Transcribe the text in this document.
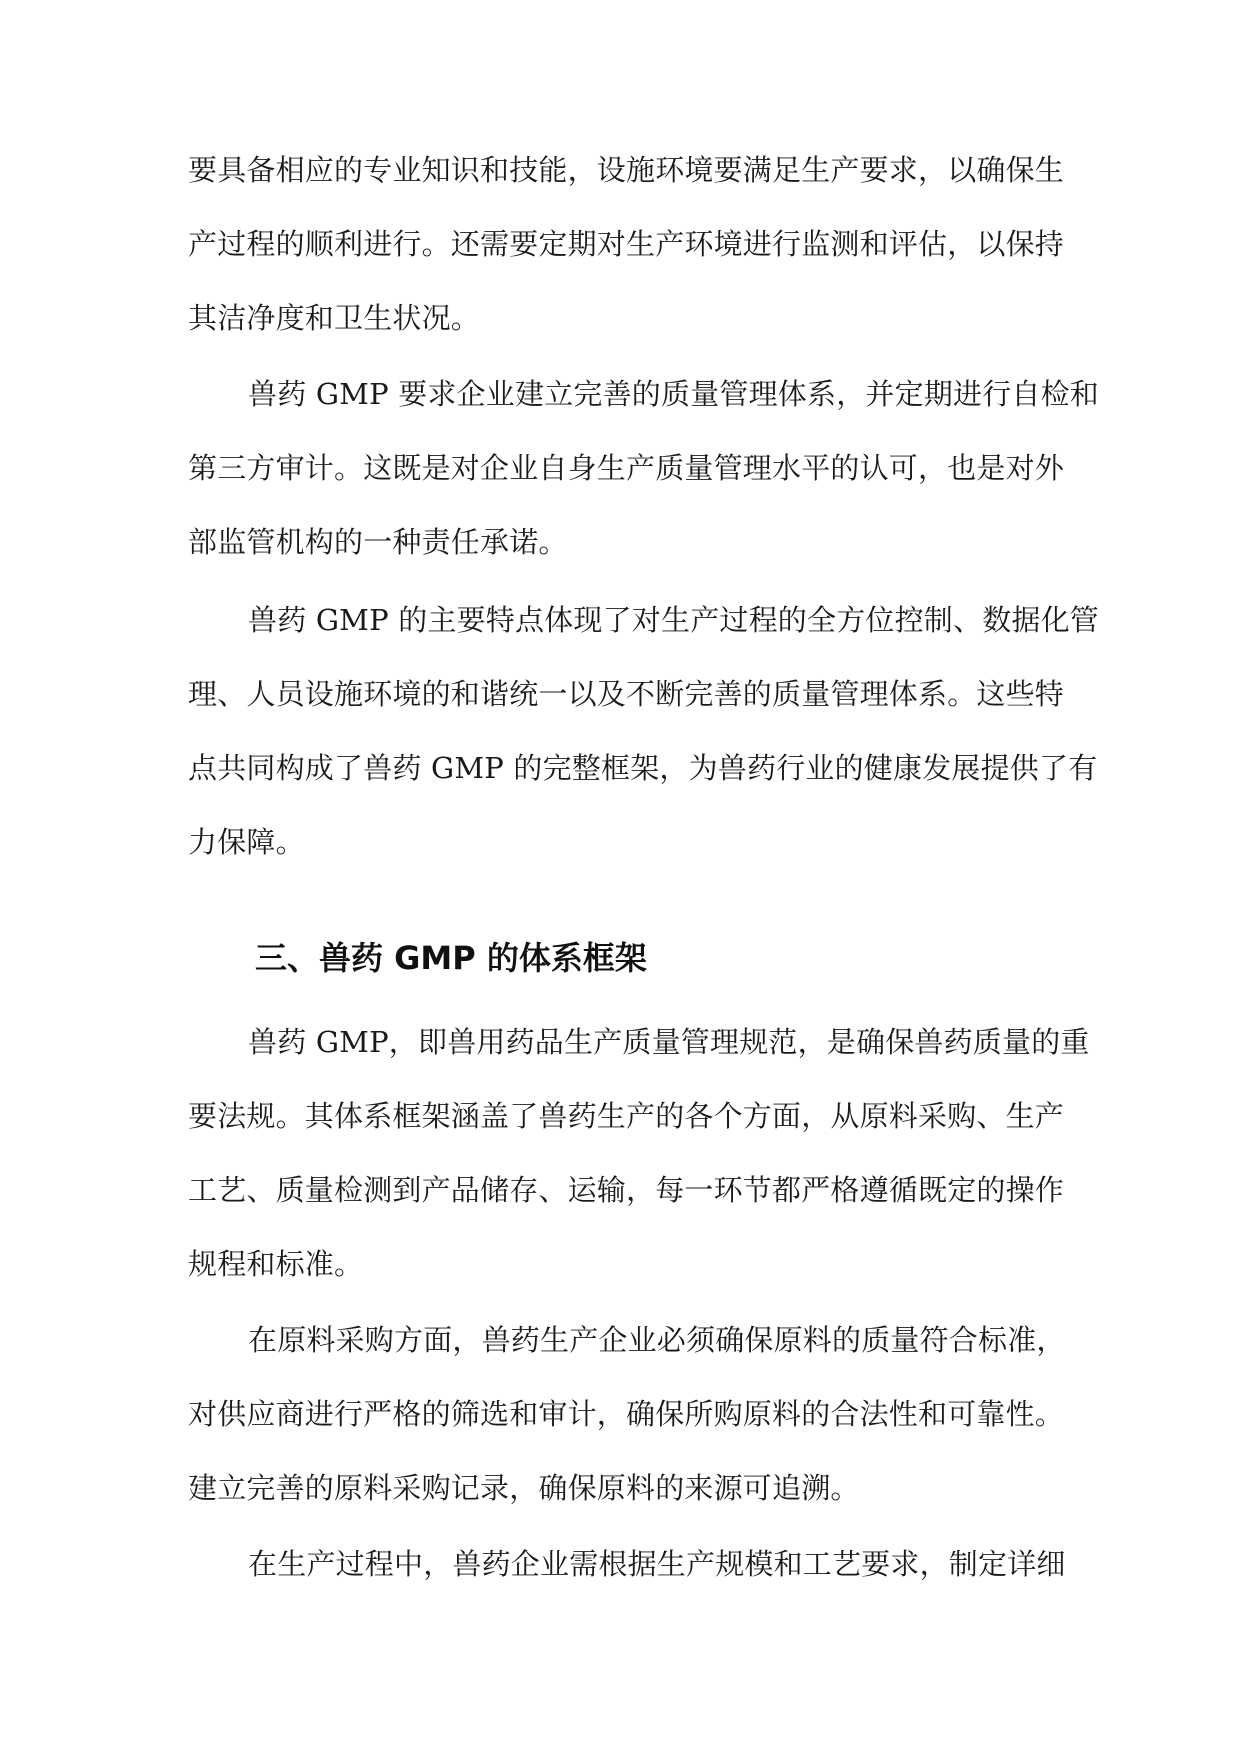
要具备相应的专业知识和技能，设施环境要满足生产要求，以确保生
产过程的顺利进行。还需要定期对生产环境进行监测和评估，以保持
其洁净度和卫生状况。
兽药 GMP 要求企业建立完善的质量管理体系，并定期进行自检和
第三方审计。这既是对企业自身生产质量管理水平的认可，也是对外
部监管机构的一种责任承诺。
兽药 GMP 的主要特点体现了对生产过程的全方位控制、数据化管
理、人员设施环境的和谐统一以及不断完善的质量管理体系。这些特
点共同构成了兽药 GMP 的完整框架，为兽药行业的健康发展提供了有
力保障。
三、兽药 GMP 的体系框架
兽药 GMP，即兽用药品生产质量管理规范，是确保兽药质量的重
要法规。其体系框架涵盖了兽药生产的各个方面，从原料采购、生产
工艺、质量检测到产品储存、运输，每一环节都严格遵循既定的操作
规程和标准。
在原料采购方面，兽药生产企业必须确保原料的质量符合标准，
对供应商进行严格的筛选和审计，确保所购原料的合法性和可靠性。
建立完善的原料采购记录，确保原料的来源可追溯。
在生产过程中，兽药企业需根据生产规模和工艺要求，制定详细
